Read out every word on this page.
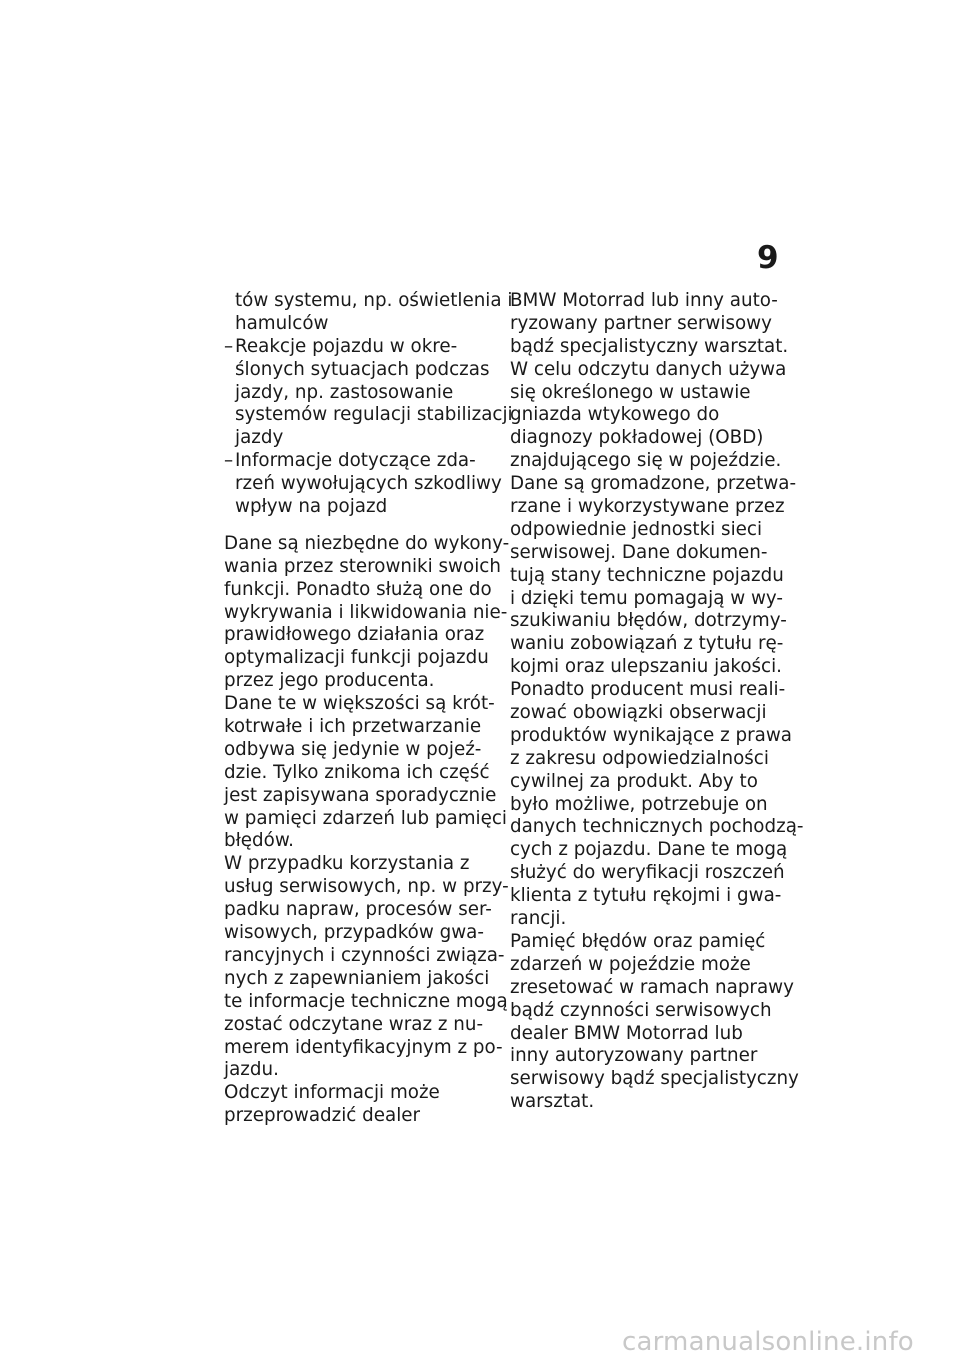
9
tów systemu, np. oświetlenia i
hamulców
– Reakcje pojazdu w okre-
ślonych sytuacjach podczas
jazdy, np. zastosowanie
systemów regulacji stabilizacji
jazdy
– Informacje dotyczące zda-
rzeń wywołujących szkodliwy
wpływ na pojazd
Dane są niezbędne do wykony-
wania przez sterowniki swoich
funkcji. Ponadto służą one do
wykrywania i likwidowania nie-
prawidłowego działania oraz
optymalizacji funkcji pojazdu
przez jego producenta.
Dane te w większości są krót-
kotrwałe i ich przetwarzanie
odbywa się jedynie w pojeź-
dzie. Tylko znikoma ich część
jest zapisywana sporadycznie
w pamięci zdarzeń lub pamięci
błędów.
W przypadku korzystania z
usług serwisowych, np. w przy-
padku napraw, procesów ser-
wisowych, przypadków gwa-
rancyjnych i czynności związa-
nych z zapewnianiem jakości
te informacje techniczne mogą
zostać odczytane wraz z nu-
merem identyfikacyjnym z po-
jazdu.
Odczyt informacji może
przeprowadzić dealer
BMW Motorrad lub inny auto-
ryzowany partner serwisowy
bądź specjalistyczny warsztat.
W celu odczytu danych używa
się określonego w ustawie
gniazda wtykowego do
diagnozy pokładowej (OBD)
znajdującego się w pojeździe.
Dane są gromadzone, przetwa-
rzane i wykorzystywane przez
odpowiednie jednostki sieci
serwisowej. Dane dokumen-
tują stany techniczne pojazdu
i dzięki temu pomagają w wy-
szukiwaniu błędów, dotrzymy-
waniu zobowiązań z tytułu rę-
kojmi oraz ulepszaniu jakości.
Ponadto producent musi reali-
zować obowiązki obserwacji
produktów wynikające z prawa
z zakresu odpowiedzialności
cywilnej za produkt. Aby to
było możliwe, potrzebuje on
danych technicznych pochodzą-
cych z pojazdu. Dane te mogą
służyć do weryfikacji roszczeń
klienta z tytułu rękojmi i gwa-
rancji.
Pamięć błędów oraz pamięć
zdarzeń w pojeździe może
zresetować w ramach naprawy
bądź czynności serwisowych
dealer BMW Motorrad lub
inny autoryzowany partner
serwisowy bądź specjalistyczny
warsztat.
carmanualsonline.info
